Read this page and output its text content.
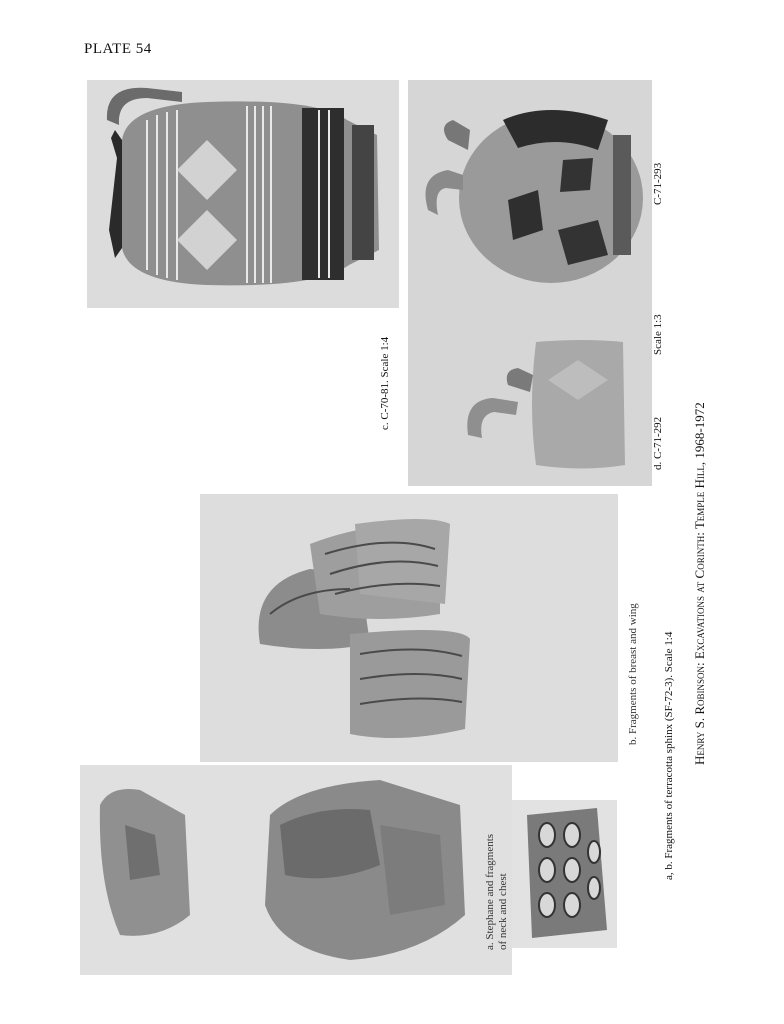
PLATE 54
c. C-70-81. Scale 1:4
d. C-71-292
Scale 1:3
C-71-293
b. Fragments of breast and wing
a. Stephane and fragments of neck and chest
a, b. Fragments of terracotta sphinx (SF-72-3). Scale 1:4 Henry S. Robinson: Excavations at Corinth: Temple Hill, 1968-1972
